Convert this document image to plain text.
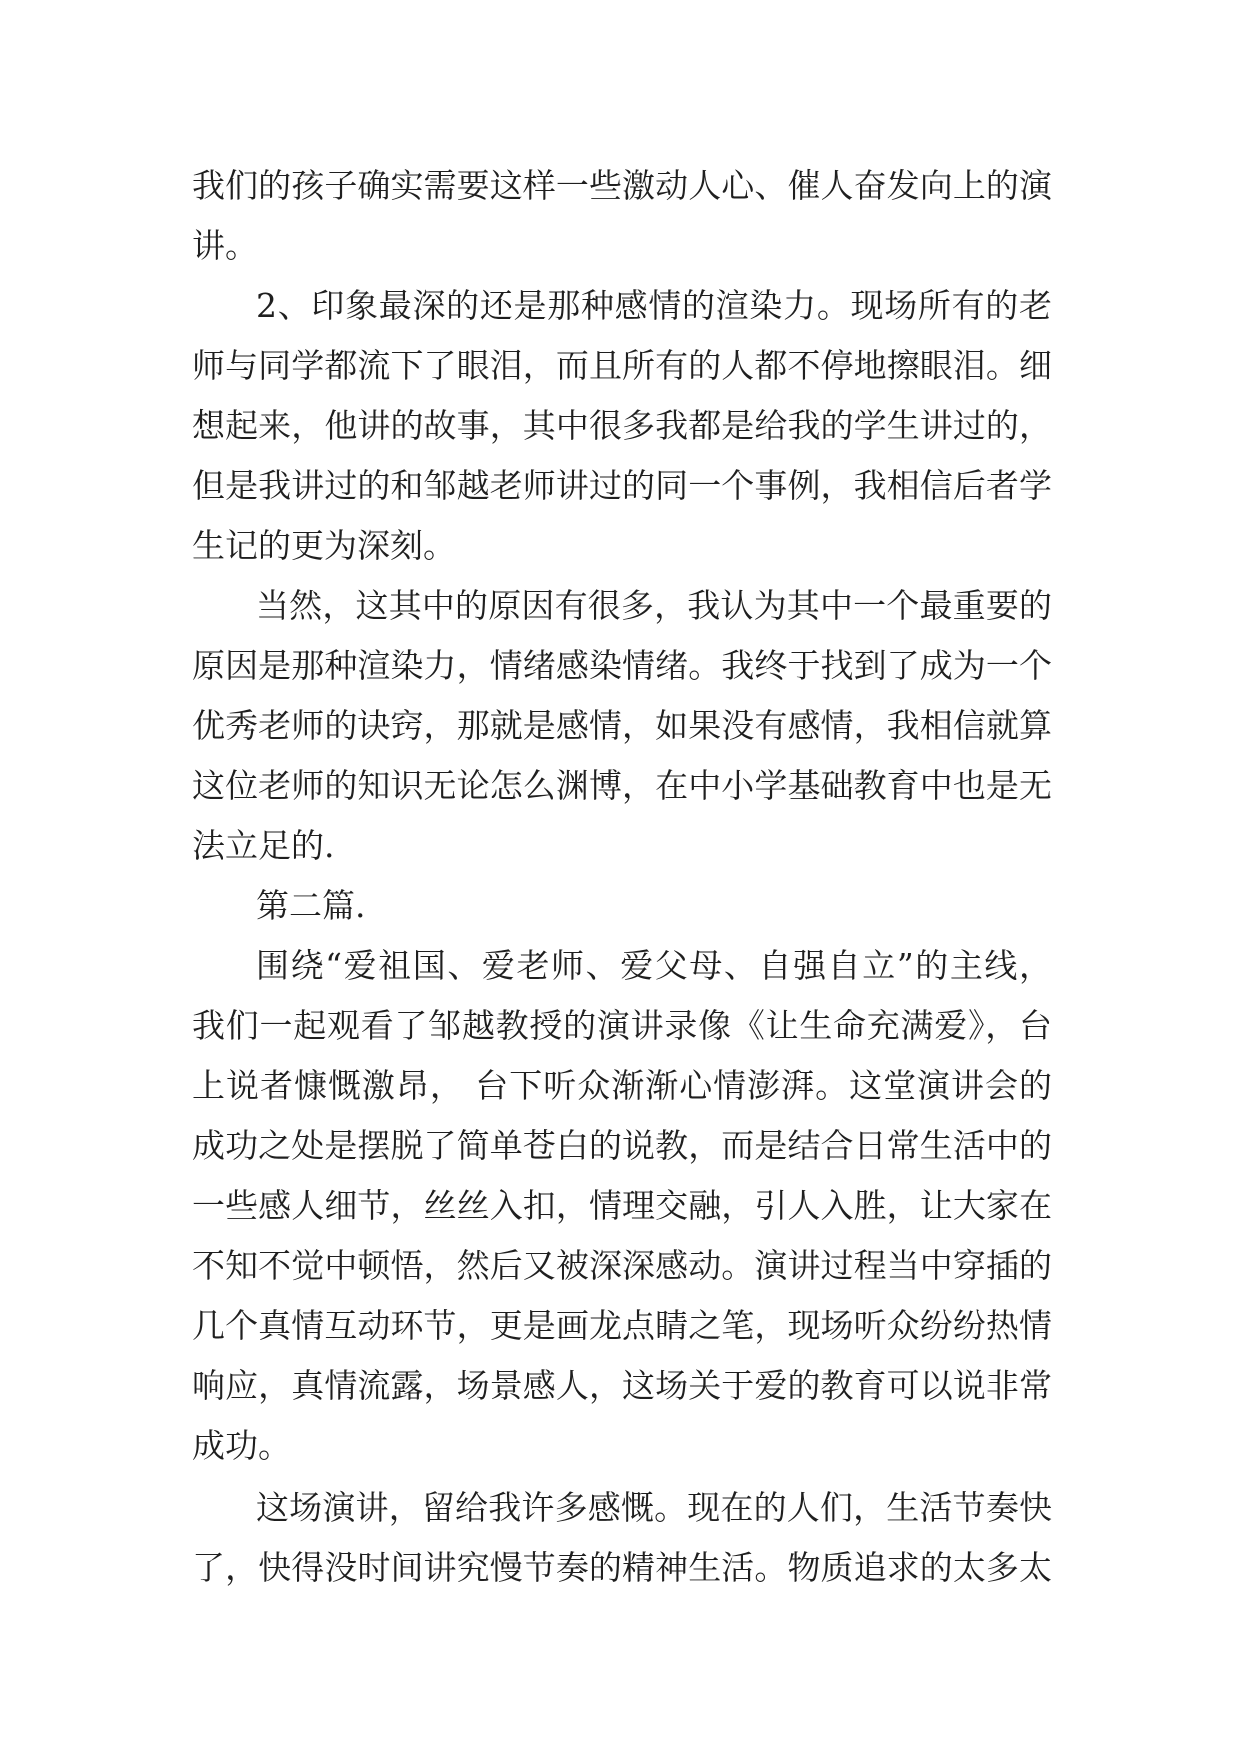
我们的孩子确实需要这样一些激动人心、催人奋发向上的演
讲。
2、印象最深的还是那种感情的渲染力。现场所有的老
师与同学都流下了眼泪，而且所有的人都不停地擦眼泪。细
想起来，他讲的故事，其中很多我都是给我的学生讲过的，
但是我讲过的和邹越老师讲过的同一个事例，我相信后者学
生记的更为深刻。
当然，这其中的原因有很多，我认为其中一个最重要的
原因是那种渲染力，情绪感染情绪。我终于找到了成为一个
优秀老师的诀窍，那就是感情，如果没有感情，我相信就算
这位老师的知识无论怎么渊博，在中小学基础教育中也是无
法立足的.
第二篇.
围绕“爱祖国、爱老师、爱父母、自强自立”的主线，
我们一起观看了邹越教授的演讲录像《让生命充满爱》，台
上说者慷慨激昂， 台下听众渐渐心情澎湃。这堂演讲会的
成功之处是摆脱了简单苍白的说教，而是结合日常生活中的
一些感人细节，丝丝入扣，情理交融，引人入胜，让大家在
不知不觉中顿悟，然后又被深深感动。演讲过程当中穿插的
几个真情互动环节，更是画龙点睛之笔，现场听众纷纷热情
响应，真情流露，场景感人，这场关于爱的教育可以说非常
成功。
这场演讲，留给我许多感慨。现在的人们，生活节奏快
了，快得没时间讲究慢节奏的精神生活。物质追求的太多太
